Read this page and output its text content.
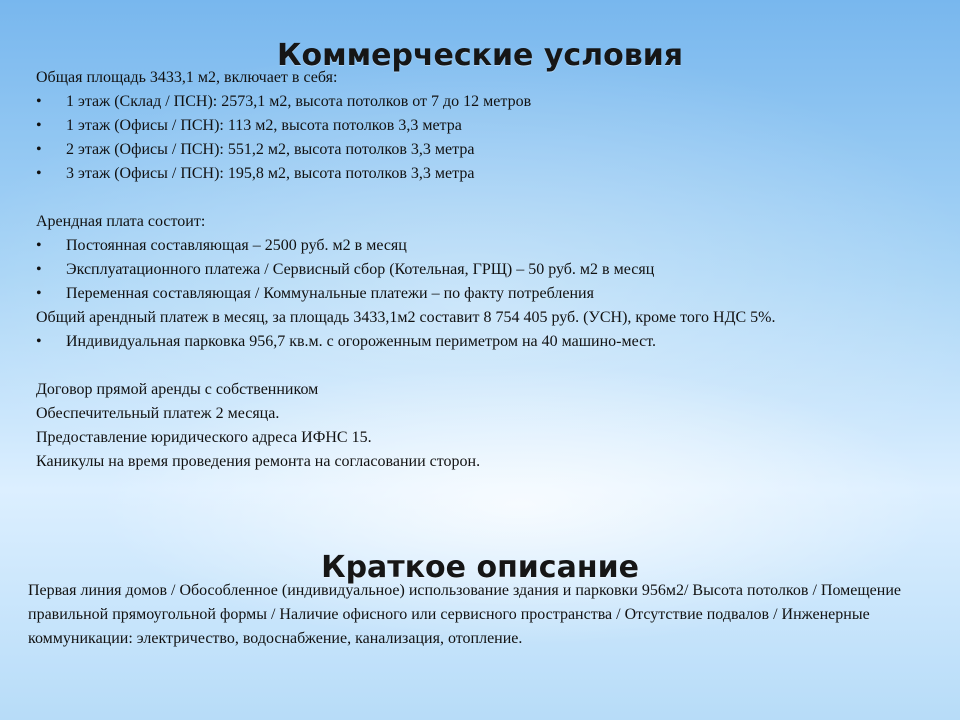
Коммерческие условия

Общая площадь 3433,1 м2, включает в себя:

•	1 этаж (Склад / ПСН): 2573,1 м2, высота потолков от 7 до 12 метров
•	1 этаж (Офисы / ПСН): 113 м2, высота потолков 3,3 метра
•	2 этаж (Офисы / ПСН): 551,2 м2, высота потолков 3,3 метра
•	3 этаж (Офисы / ПСН): 195,8 м2, высота потолков 3,3 метра

Арендная плата состоит:

•	Постоянная составляющая – 2500 руб. м2 в месяц
•	Эксплуатационного платежа / Сервисный сбор (Котельная, ГРЩ) – 50 руб. м2 в месяц
•	Переменная составляющая / Коммунальные платежи – по факту потребления

Общий арендный платеж в месяц, за площадь 3433,1м2 составит 8 754 405 руб. (УСН), кроме того НДС 5%.

•	Индивидуальная парковка 956,7 кв.м. с огороженным периметром на 40 машино-мест.

Договор прямой аренды с собственником

Обеспечительный платеж 2 месяца.

Предоставление юридического адреса ИФНС 15.

Каникулы на время проведения ремонта на согласовании сторон.

Краткое описание

Первая линия домов / Обособленное (индивидуальное) использование здания и парковки 956м2/ Высота потолков / Помещение правильной прямоугольной формы / Наличие офисного или сервисного пространства / Отсутствие подвалов / Инженерные коммуникации: электричество, водоснабжение, канализация, отопление.
